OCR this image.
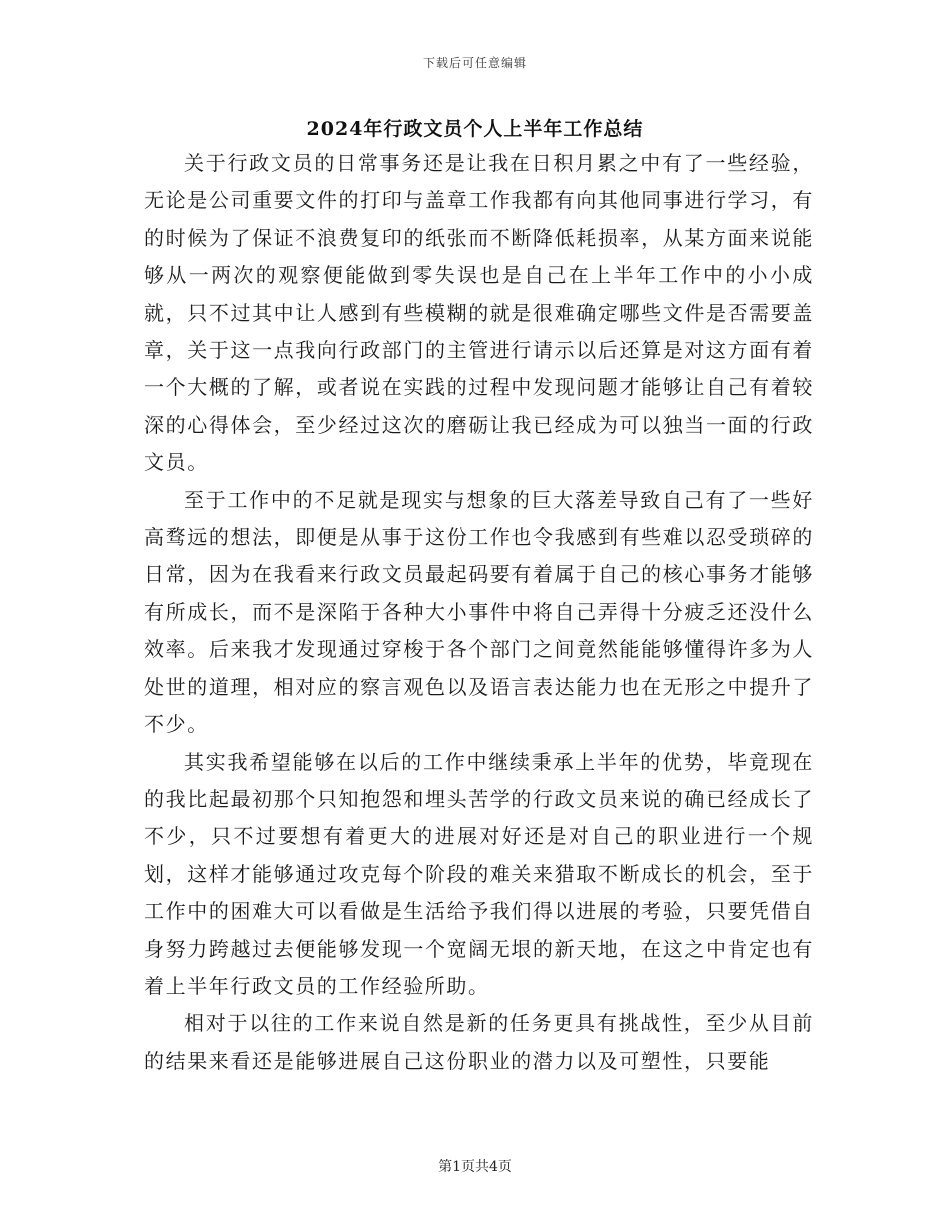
下载后可任意编辑
2024年行政文员个人上半年工作总结

关于行政文员的日常事务还是让我在日积月累之中有了一些经验，无论是公司重要文件的打印与盖章工作我都有向其他同事进行学习，有的时候为了保证不浪费复印的纸张而不断降低耗损率，从某方面来说能够从一两次的观察便能做到零失误也是自己在上半年工作中的小小成就，只不过其中让人感到有些模糊的就是很难确定哪些文件是否需要盖章，关于这一点我向行政部门的主管进行请示以后还算是对这方面有着一个大概的了解，或者说在实践的过程中发现问题才能够让自己有着较深的心得体会，至少经过这次的磨砺让我已经成为可以独当一面的行政文员。

至于工作中的不足就是现实与想象的巨大落差导致自己有了一些好高骛远的想法，即便是从事于这份工作也令我感到有些难以忍受琐碎的日常，因为在我看来行政文员最起码要有着属于自己的核心事务才能够有所成长，而不是深陷于各种大小事件中将自己弄得十分疲乏还没什么效率。后来我才发现通过穿梭于各个部门之间竟然能能够懂得许多为人处世的道理，相对应的察言观色以及语言表达能力也在无形之中提升了不少。

其实我希望能够在以后的工作中继续秉承上半年的优势，毕竟现在的我比起最初那个只知抱怨和埋头苦学的行政文员来说的确已经成长了不少，只不过要想有着更大的进展对好还是对自己的职业进行一个规划，这样才能够通过攻克每个阶段的难关来猎取不断成长的机会，至于工作中的困难大可以看做是生活给予我们得以进展的考验，只要凭借自身努力跨越过去便能够发现一个宽阔无垠的新天地，在这之中肯定也有着上半年行政文员的工作经验所助。

相对于以往的工作来说自然是新的任务更具有挑战性，至少从目前的结果来看还是能够进展自己这份职业的潜力以及可塑性，只要能

第1页共4页
